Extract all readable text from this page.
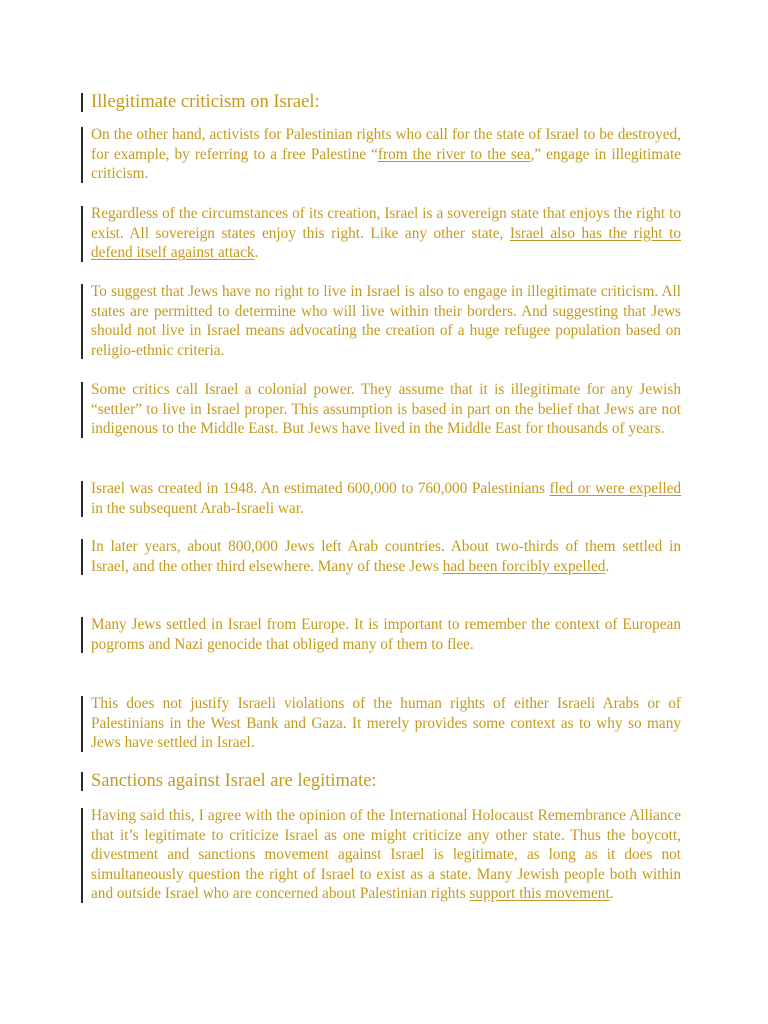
Illegitimate criticism on Israel:

On the other hand, activists for Palestinian rights who call for the state of Israel to be destroyed, for example, by referring to a free Palestine “from the river to the sea,” engage in illegitimate criticism.

Regardless of the circumstances of its creation, Israel is a sovereign state that enjoys the right to exist. All sovereign states enjoy this right. Like any other state, Israel also has the right to defend itself against attack.

To suggest that Jews have no right to live in Israel is also to engage in illegitimate criticism. All states are permitted to determine who will live within their borders. And suggesting that Jews should not live in Israel means advocating the creation of a huge refugee population based on religio-ethnic criteria.

Some critics call Israel a colonial power. They assume that it is illegitimate for any Jewish “settler” to live in Israel proper. This assumption is based in part on the belief that Jews are not indigenous to the Middle East. But Jews have lived in the Middle East for thousands of years.

Israel was created in 1948. An estimated 600,000 to 760,000 Palestinians fled or were expelled in the subsequent Arab-Israeli war.

In later years, about 800,000 Jews left Arab countries. About two-thirds of them settled in Israel, and the other third elsewhere. Many of these Jews had been forcibly expelled.

Many Jews settled in Israel from Europe. It is important to remember the context of European pogroms and Nazi genocide that obliged many of them to flee.

This does not justify Israeli violations of the human rights of either Israeli Arabs or of Palestinians in the West Bank and Gaza. It merely provides some context as to why so many Jews have settled in Israel.

Sanctions against Israel are legitimate:

Having said this, I agree with the opinion of the International Holocaust Remembrance Alliance that it’s legitimate to criticize Israel as one might criticize any other state. Thus the boycott, divestment and sanctions movement against Israel is legitimate, as long as it does not simultaneously question the right of Israel to exist as a state. Many Jewish people both within and outside Israel who are concerned about Palestinian rights support this movement.
